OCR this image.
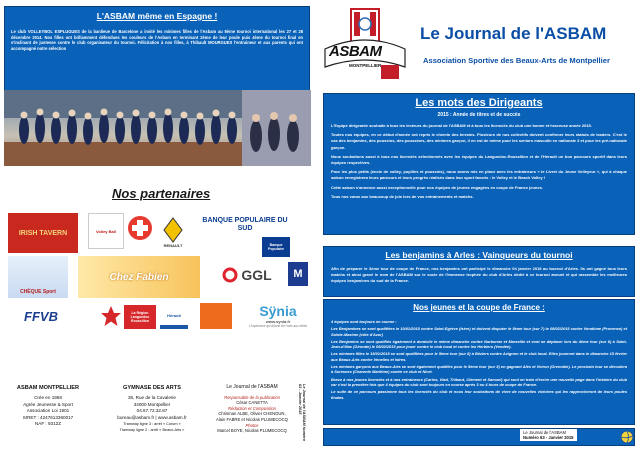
L'ASBAM même en Espagne !
Le club VOLLEYBOL ESPLUGUES de la banlieue de Barcelone a invité les minimes filles de l'Asbam au 8ème tournoi international les 27 et 28 décembre 2014. Nos filles ont brillamment défendues les couleurs de l'Asbam en terminant 2ème de leur poule puis 4ème du tournoi final en s'inclinant de justesse contre le club organisateur du tournoi. Félicitation à nos filles, à Thibault MOURGUES l'entraineur et aux parents qui ont accompagné notre sélection
Nos partenaires
IRISH TAVERN	Volley Ball
RENAULT
BANQUE POPULAIRE DU SUD
Banque Populaire
CHÈQUE Sport
Chez Fabien	GGL M
FFVB	La Région Languedoc Roussillon
Hérault	Sÿnia
www.synia.fr
L'imprimeur qui donne de l'avis aux idées
ASBAM MONTPELLIER
Crée en 1958
Agrée Jeunesse & Sport
Association Loi 1901
SIRET : 4247613360017
NAF : 9312Z
GYMNASE DES ARTS
36, Rue de la Cavalerie
34000 Montpellier
04.67.72.32.87
bureau@asbam.fr | www.asbam.fr
Tramway ligne 3 : arrêt « Corum »
Tramway ligne 2 : arrêt « Beaux-Arts »
Le Journal de l'ASBAM
Responsable de la publication
César CANETTA
Rédaction et Composition
Chrisman ALBE, Olivier CHENOUN, Alain FABRE et Nicolas PLUMECOCQ
Photos
Marcel BOYE, Nicolas PLUMECOCQ	Le Journal de l'ASBAM Numéro 63 - Janvier 2015
ASBAM
MONTPELLIER
Le Journal de l'ASBAM
Association Sportive des Beaux-Arts de Montpellier
Les mots des Dirigeants
2015 : Année de titres et de succès

L'Equipe dirigeante souhaite à tous les lecteurs du journal de l'ASBAM et à tous les licenciés du club une bonne et heureuse année 2015.

Toutes nos équipes, en ce début d'année ont repris le chemin des terrains. Plusieurs de nos collectifs doivent confirmer leurs statuts de leaders. C'est le cas des benjamins, des poussins, des poussines, des minimes garçon, il en est de même pour les seniors masculin en nationale 3 et pour les pré-nationale garçon.

Nous souhaitons aussi à tous nos licenciés sélectionnés avec les équipes du Languedoc-Roussillon et de l'Hérault un bon parcours sportif dans leurs équipes respectives.

Pour les plus petits (école de volley, pupilles et poussins), nous avons mis en place avec les entraineurs « le Livret du Jeune Volleyeur », qui à chaque saison enregistrera leurs parcours et leurs progrès réalisés dans leur sport favoris : le Volley et le Beach Volley !

Cette saison s'annonce aussi exceptionnelle pour nos équipes de jeunes engagées en coupe de France jeunes.

Tous nos vœux aux beaucoup de joie lors de vos entrainements et matchs.

Les benjamins à Arles : Vainqueurs du tournoi
Afin de préparer le 3ème tour de coupe de France, nos benjamins ont participé le dimanche 04 janvier 2015 au tournoi d'Arles. Ils ont gagné tous leurs matchs et ainsi gravé le nom de l'ASBAM sur le socle de l'Immense trophée du club d'Arles dédié à ce tournoi annuel et qui rassemble les meilleures équipes benjamines du sud de la France.
Nos jeunes et la coupe de France :

4 équipes sont toujours en course :

Les Benjamines se sont qualifiées le 10/01/2015 contre Saint-Egrève (Isère) et doivent disputer le 5ème tour (sur 7) le 08/02/2015 contre Vendôme (Provence) et Sainte-Maxime (côte d'Azur)

Les Benjamins se sont qualifiés également à domicile le même dimanche contre Narbonne et Marseille et vont se déplacer lors du 4ème tour (sur 6) à Saint-Jean-d'Illac (Gironde) le 08/02/2015 pour jouer contre le club local et contre les Herbiers (Vendée).

Les minimes filles le 18/01/2015 se sont qualifiées pour le 5ème tour (sur 8) à Béziers contre Avignon et le club local. Elles joueront dans le dimanche 15 février aux Beaux-Arts contre Venelles et Istres.

Les minimes garçons aux Beaux-Arts se sont également qualifiés pour le 5ème tour (sur 8) en gagnant Alès et Voiron (Grenoble). Le prochain tour se déroulera à Suresnes (Charente Maritime) contre ce club et Niort.

Bravo à nos jeunes licenciés et à nos entraineurs (Carlos, Vlad, Thibaut, Clément et Samuel) qui sont en train d'écrire une nouvelle page dans l'histoire du club car c'est la première fois que 4 équipes du club sont toujours en course après 3 ou 4 tours de coupe de France.

Le suite de ce parcours passionne tous les licenciés du club et nous leur souhaitons de vivre de nouvelles victoires qui les rapprocheront de leurs poules finales.

Le Journal de l'ASBAM
Numéro 63 - Janvier 2015
